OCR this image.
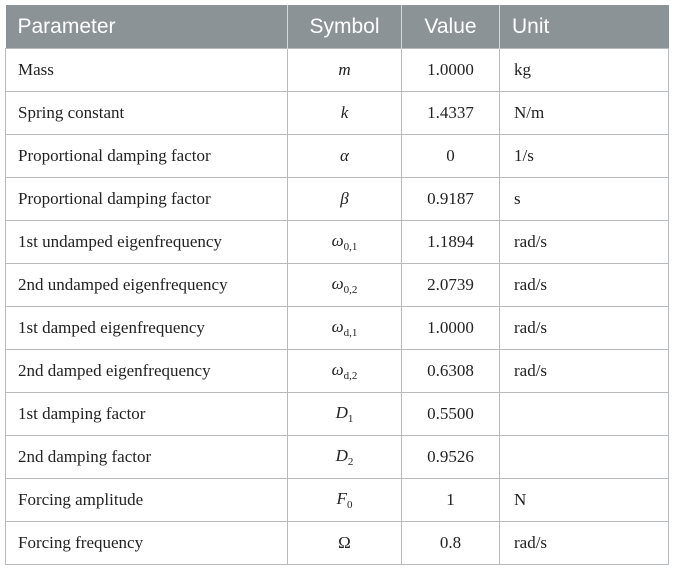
Parameter	Symbol	Value	Unit
Mass	m	1.0000	kg
Spring constant	k	1.4337	N/m
Proportional damping factor	α	0	1/s
Proportional damping factor	β	0.9187	s
1st undamped eigenfrequency	$\omega_{0,1}$	1.1894	rad/s
2nd undamped eigenfrequency	$\omega_{0,2}$	2.0739	rad/s
1st damped eigenfrequency	$\omega_{d,1}$	1.0000	rad/s
2nd damped eigenfrequency	$\omega_{d,2}$	0.6308	rad/s
1st damping factor	$D_1$	0.5500	
2nd damping factor	$D_2$	0.9526	
Forcing amplitude	$F_0$	1	N
Forcing frequency	Ω	0.8	rad/s
